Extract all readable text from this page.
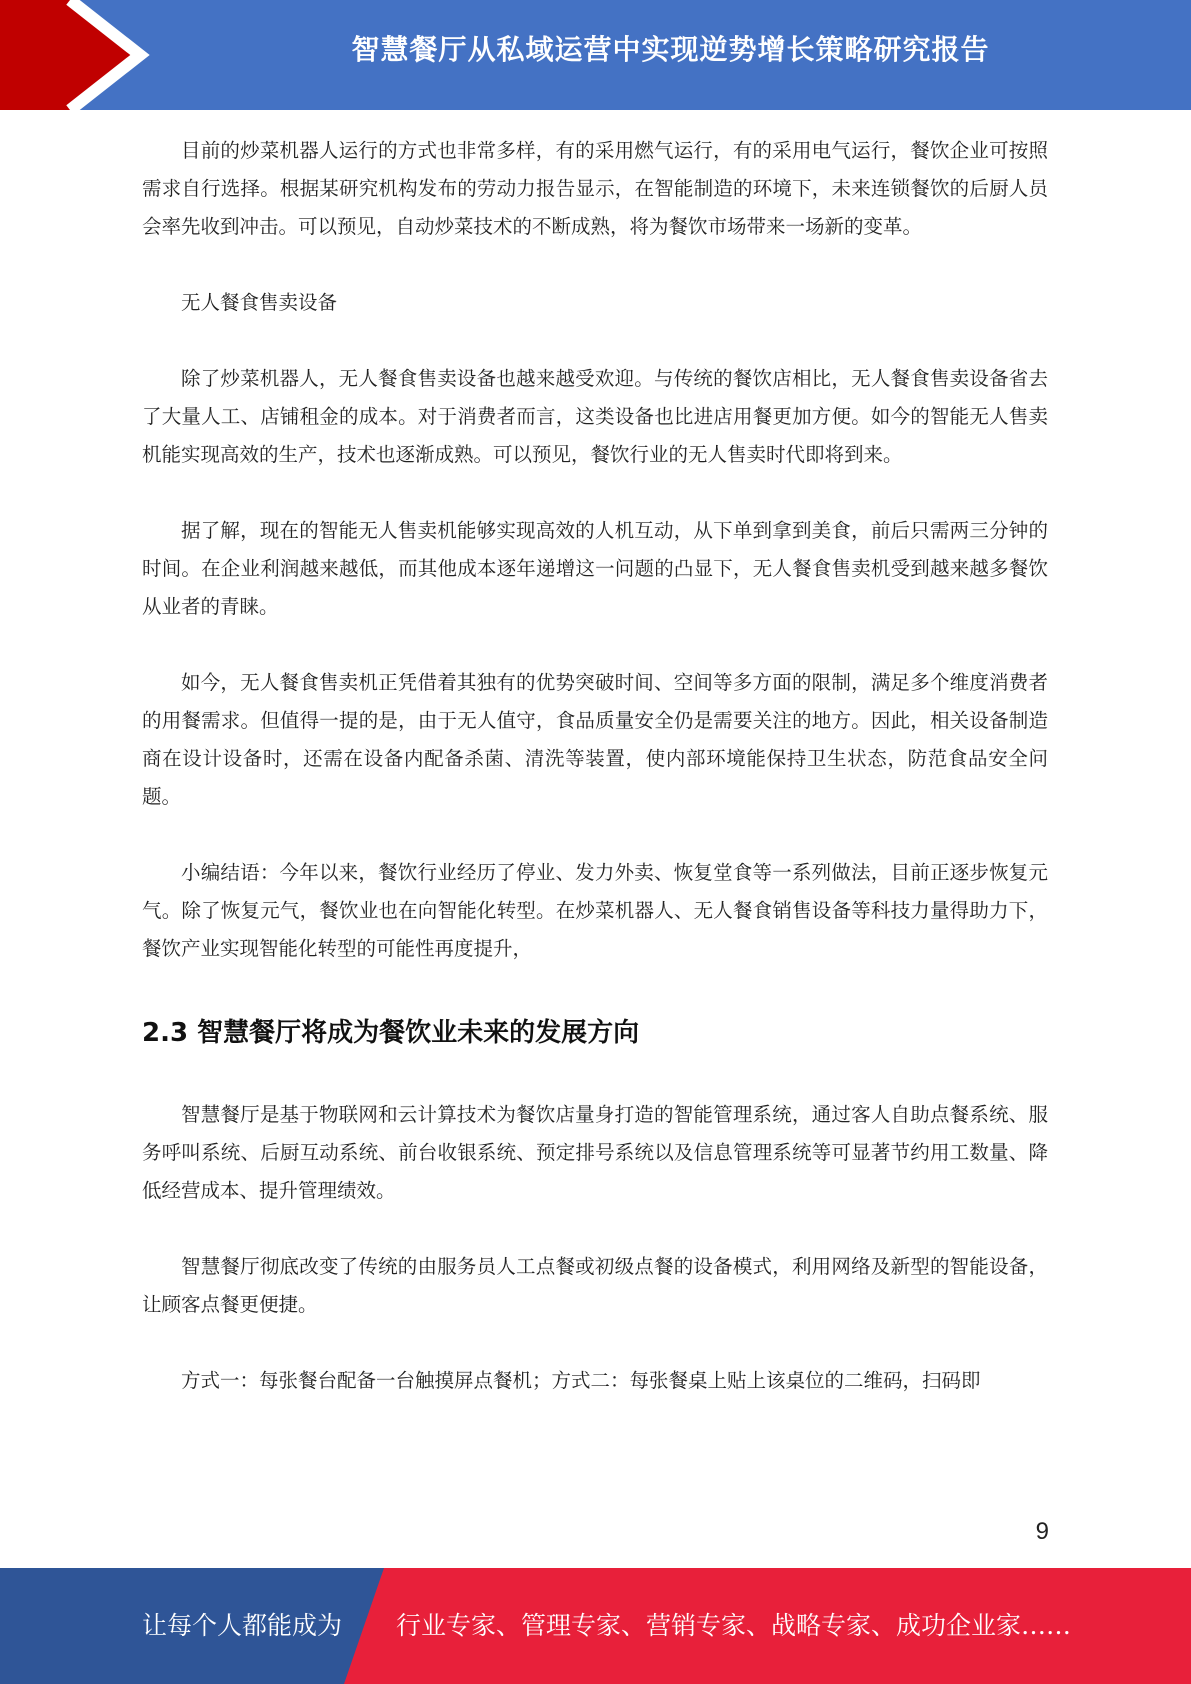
智慧餐厅从私域运营中实现逆势增长策略研究报告

目前的炒菜机器人运行的方式也非常多样，有的采用燃气运行，有的采用电气运行，餐饮企业可按照需求自行选择。根据某研究机构发布的劳动力报告显示，在智能制造的环境下，未来连锁餐饮的后厨人员会率先收到冲击。可以预见，自动炒菜技术的不断成熟，将为餐饮市场带来一场新的变革。

无人餐食售卖设备

除了炒菜机器人，无人餐食售卖设备也越来越受欢迎。与传统的餐饮店相比，无人餐食售卖设备省去了大量人工、店铺租金的成本。对于消费者而言，这类设备也比进店用餐更加方便。如今的智能无人售卖机能实现高效的生产，技术也逐渐成熟。可以预见，餐饮行业的无人售卖时代即将到来。

据了解，现在的智能无人售卖机能够实现高效的人机互动，从下单到拿到美食，前后只需两三分钟的时间。在企业利润越来越低，而其他成本逐年递增这一问题的凸显下，无人餐食售卖机受到越来越多餐饮从业者的青睐。

如今，无人餐食售卖机正凭借着其独有的优势突破时间、空间等多方面的限制，满足多个维度消费者的用餐需求。但值得一提的是，由于无人值守，食品质量安全仍是需要关注的地方。因此，相关设备制造商在设计设备时，还需在设备内配备杀菌、清洗等装置，使内部环境能保持卫生状态，防范食品安全问题。

小编结语：今年以来，餐饮行业经历了停业、发力外卖、恢复堂食等一系列做法，目前正逐步恢复元气。除了恢复元气，餐饮业也在向智能化转型。在炒菜机器人、无人餐食销售设备等科技力量得助力下，餐饮产业实现智能化转型的可能性再度提升，

2.3 智慧餐厅将成为餐饮业未来的发展方向

智慧餐厅是基于物联网和云计算技术为餐饮店量身打造的智能管理系统，通过客人自助点餐系统、服务呼叫系统、后厨互动系统、前台收银系统、预定排号系统以及信息管理系统等可显著节约用工数量、降低经营成本、提升管理绩效。

智慧餐厅彻底改变了传统的由服务员人工点餐或初级点餐的设备模式，利用网络及新型的智能设备，让顾客点餐更便捷。

方式一：每张餐台配备一台触摸屏点餐机；方式二：每张餐桌上贴上该桌位的二维码，扫码即

9
让每个人都能成为 行业专家、管理专家、营销专家、战略专家、成功企业家……
